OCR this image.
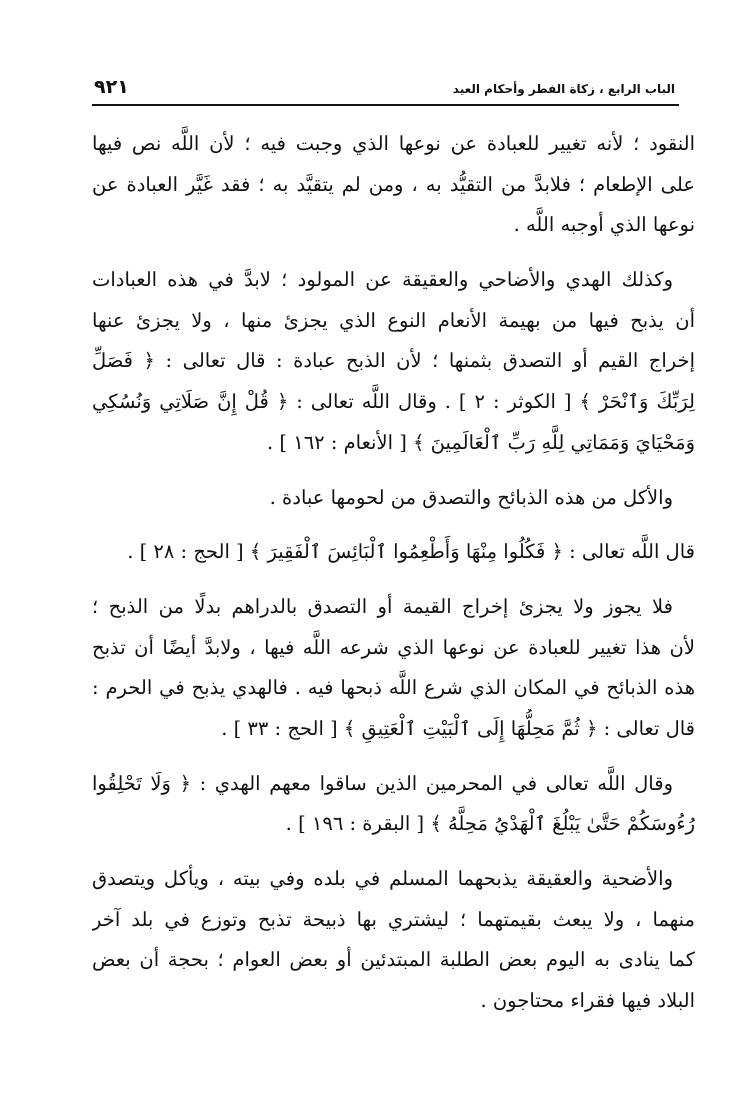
٩٢١	الباب الرابع ، زكاة الفطر وأحكام العيد
النقود ؛ لأنه تغيير للعبادة عن نوعها الذي وجبت فيه ؛ لأن اللَّه نص فيها
على الإطعام ؛ فلابدَّ من التقيُّد به ، ومن لم يتقيَّد به ؛ فقد غَيَّر العبادة عن
نوعها الذي أوجبه اللَّه .
وكذلك الهدي والأضاحي والعقيقة عن المولود ؛ لابدَّ في هذه العبادات
أن يذبح فيها من بهيمة الأنعام النوع الذي يجزئ منها ، ولا يجزئ عنها
إخراج القيم أو التصدق بثمنها ؛ لأن الذبح عبادة : قال تعالى : ﴿ فَصَلِّ
لِرَبِّكَ وَٱنْحَرْ ﴾ [ الكوثر : ٢ ] . وقال اللَّه تعالى : ﴿ قُلْ إِنَّ صَلَاتِي وَنُسُكِي
وَمَحْيَايَ وَمَمَاتِي لِلَّهِ رَبِّ ٱلْعَالَمِينَ ﴾ [ الأنعام : ١٦٢ ] .
والأكل من هذه الذبائح والتصدق من لحومها عبادة .
قال اللَّه تعالى : ﴿ فَكُلُوا مِنْهَا وَأَطْعِمُوا ٱلْبَائِسَ ٱلْفَقِيرَ ﴾ [ الحج : ٢٨ ] .
فلا يجوز ولا يجزئ إخراج القيمة أو التصدق بالدراهم بدلًا من الذبح ؛
لأن هذا تغيير للعبادة عن نوعها الذي شرعه اللَّه فيها ، ولابدَّ أيضًا أن تذبح
هذه الذبائح في المكان الذي شرع اللَّه ذبحها فيه . فالهدي يذبح في الحرم :
قال تعالى : ﴿ ثُمَّ مَحِلُّهَا إِلَى ٱلْبَيْتِ ٱلْعَتِيقِ ﴾ [ الحج : ٣٣ ] .
وقال اللَّه تعالى في المحرمين الذين ساقوا معهم الهدي : ﴿ وَلَا تَحْلِقُوا
رُءُوسَكُمْ حَتَّىٰ يَبْلُغَ ٱلْهَدْيُ مَحِلَّهُ ﴾ [ البقرة : ١٩٦ ] .
والأضحية والعقيقة يذبحهما المسلم في بلده وفي بيته ، ويأكل ويتصدق
منهما ، ولا يبعث بقيمتهما ؛ ليشتري بها ذبيحة تذبح وتوزع في بلد آخر
كما ينادى به اليوم بعض الطلبة المبتدئين أو بعض العوام ؛ بحجة أن بعض
البلاد فيها فقراء محتاجون .
